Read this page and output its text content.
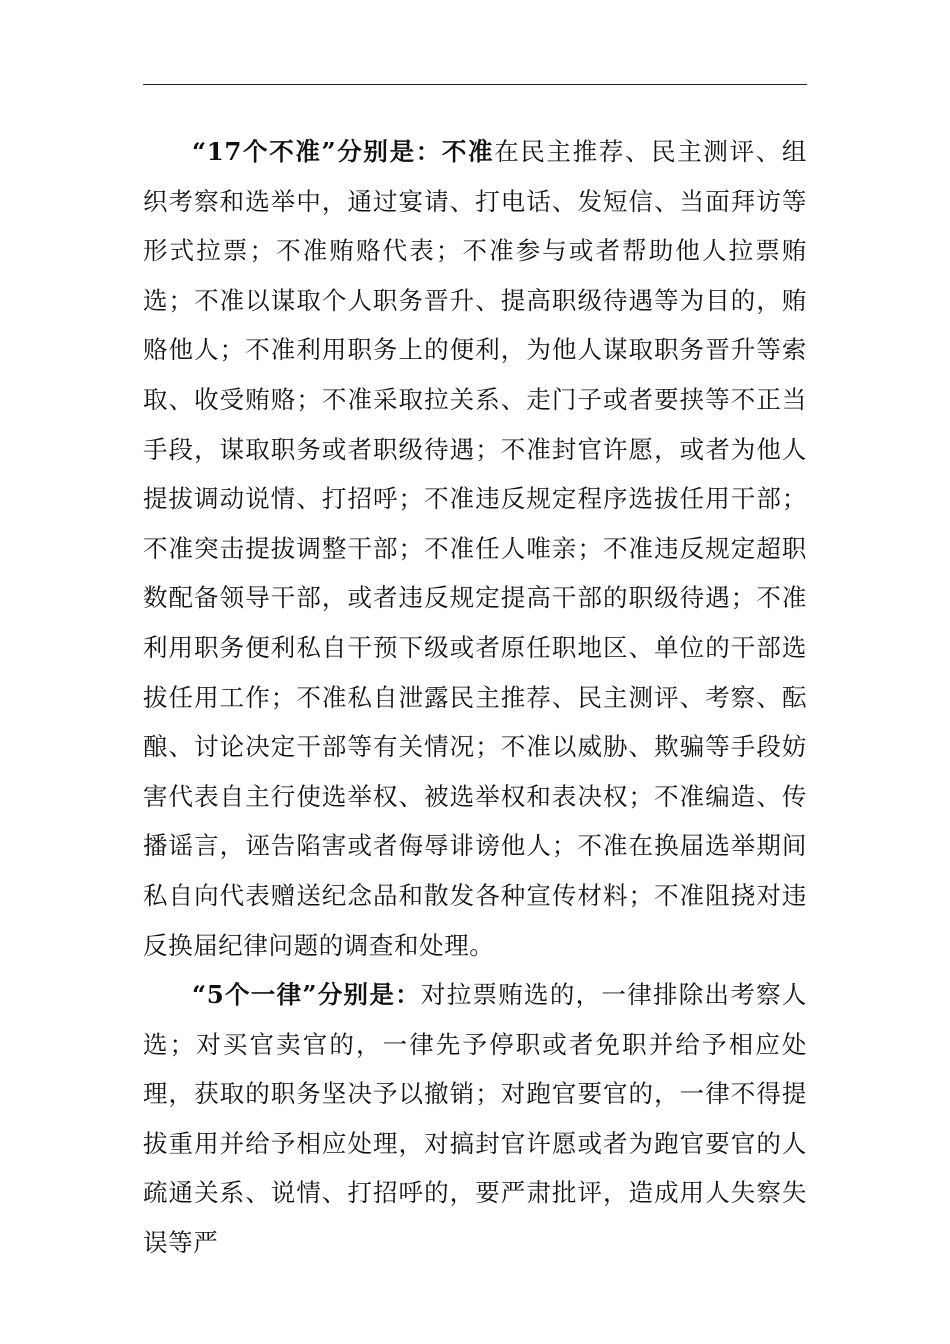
“17个不准”分别是：不准在民主推荐、民主测评、组织考察和选举中，通过宴请、打电话、发短信、当面拜访等形式拉票；不准贿赂代表；不准参与或者帮助他人拉票贿选；不准以谋取个人职务晋升、提高职级待遇等为目的，贿赂他人；不准利用职务上的便利，为他人谋取职务晋升等索取、收受贿赂；不准采取拉关系、走门子或者要挟等不正当手段，谋取职务或者职级待遇；不准封官许愿，或者为他人提拔调动说情、打招呼；不准违反规定程序选拔任用干部；不准突击提拔调整干部；不准任人唯亲；不准违反规定超职数配备领导干部，或者违反规定提高干部的职级待遇；不准利用职务便利私自干预下级或者原任职地区、单位的干部选拔任用工作；不准私自泄露民主推荐、民主测评、考察、酝酿、讨论决定干部等有关情况；不准以威胁、欺骗等手段妨害代表自主行使选举权、被选举权和表决权；不准编造、传播谣言，诬告陷害或者侮辱诽谤他人；不准在换届选举期间私自向代表赠送纪念品和散发各种宣传材料；不准阻挠对违反换届纪律问题的调查和处理。

“5个一律”分别是：对拉票贿选的，一律排除出考察人选；对买官卖官的，一律先予停职或者免职并给予相应处理，获取的职务坚决予以撤销；对跑官要官的，一律不得提拔重用并给予相应处理，对搞封官许愿或者为跑官要官的人疏通关系、说情、打招呼的，要严肃批评，造成用人失察失误等严
